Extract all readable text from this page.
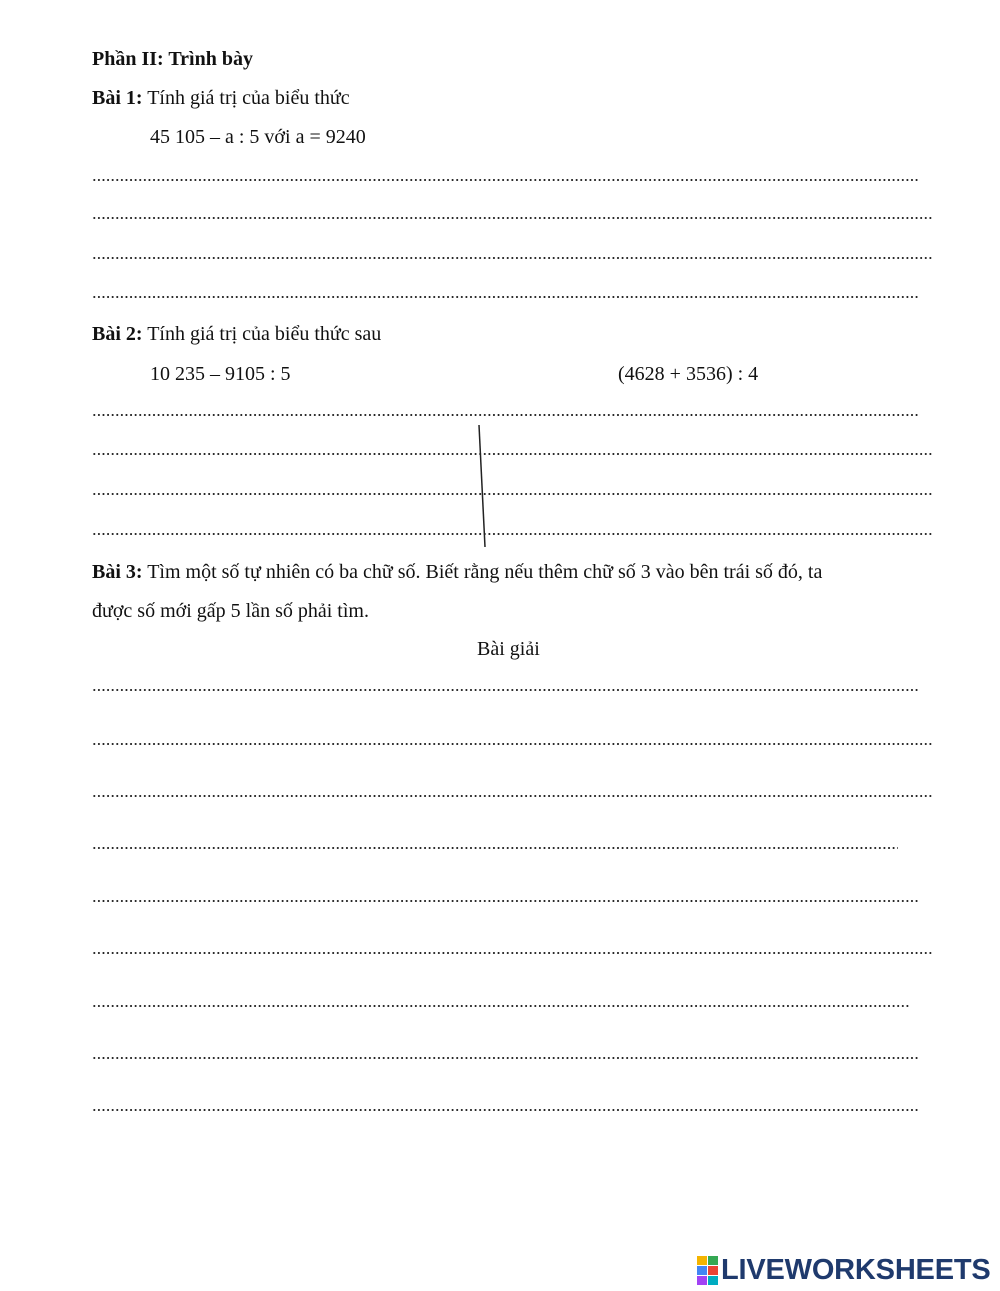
Phần II: Trình bày
Bài 1: Tính giá trị của biểu thức
45 105 – a : 5 với a = 9240
Bài 2: Tính giá trị của biểu thức sau
10 235 – 9105 : 5	(4628 + 3536) : 4
Bài 3: Tìm một số tự nhiên có ba chữ số. Biết rằng nếu thêm chữ số 3 vào bên trái số đó, ta
được số mới gấp 5 lần số phải tìm.
Bài giải
LIVEWORKSHEETS
